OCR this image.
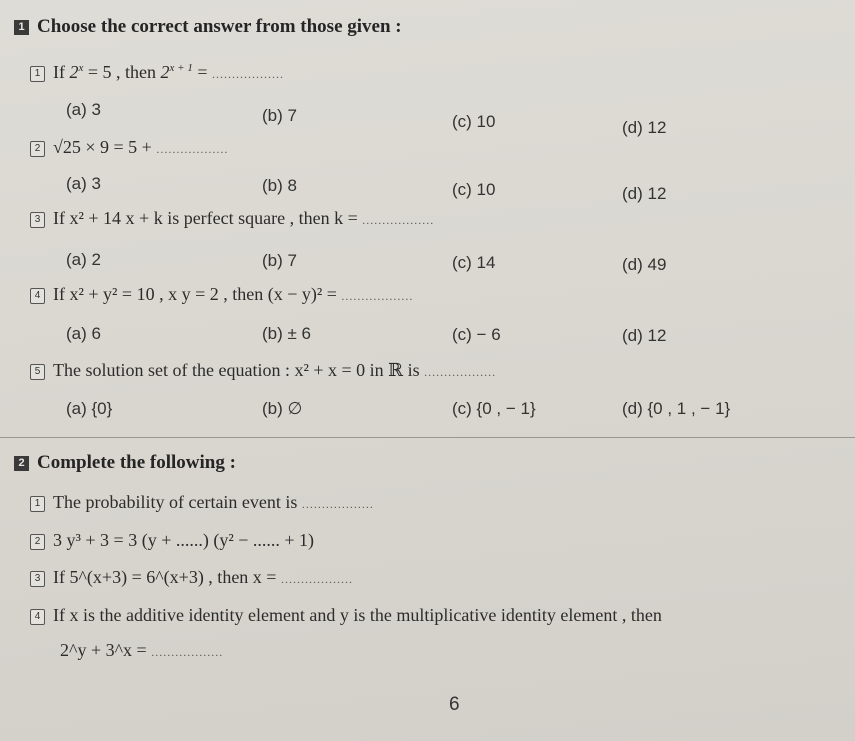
1 Choose the correct answer from those given :
1 If $2^x = 5$ , then $2^{x + 1}$ = ..................
(a) 3	(b) 7	(c) 10	(d) 12
2 √25 × 9 = 5 + ..................
(a) 3	(b) 8	(c) 10	(d) 12
3 If x² + 14 x + k is perfect square , then k = ..................
(a) 2	(b) 7	(c) 14	(d) 49
4 If x² + y² = 10 , x y = 2 , then (x − y)² = ..................
(a) 6	(b) ± 6	(c) − 6	(d) 12
5 The solution set of the equation : x² + x = 0 in ℝ is ..................
(a) {0}	(b) ∅	(c) {0 , − 1}	(d) {0 , 1 , − 1}
2 Complete the following :
1 The probability of certain event is ..................
2 3 y³ + 3 = 3 (y + ......) (y² − ...... + 1)
3 If 5^(x+3) = 6^(x+3) , then x = ..................
4 If x is the additive identity element and y is the multiplicative identity element , then
2^y + 3^x = ..................
6
